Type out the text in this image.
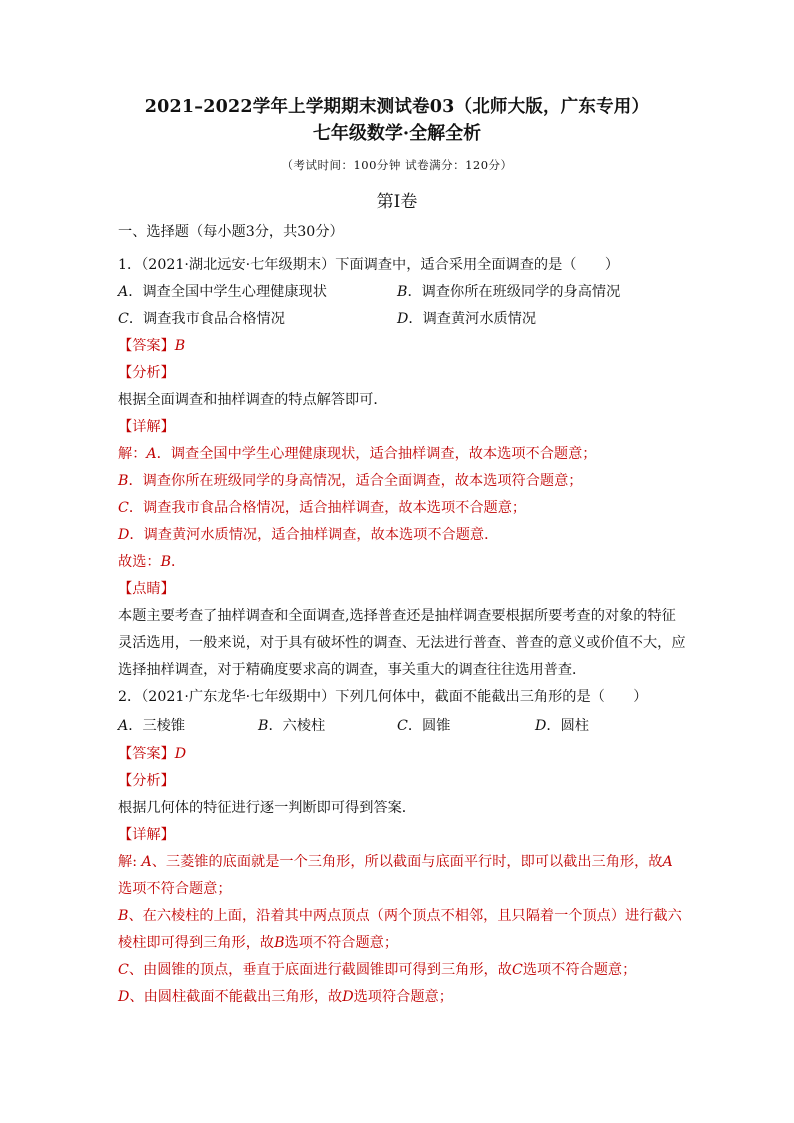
2021–2022学年上学期期末测试卷03（北师大版，广东专用）
七年级数学·全解全析
（考试时间：100分钟 试卷满分：120分）
第Ⅰ卷
一、选择题（每小题3分，共30分）
1．（2021·湖北远安·七年级期末）下面调查中，适合采用全面调查的是（　　）
A．调查全国中学生心理健康现状	B．调查你所在班级同学的身高情况
C．调查我市食品合格情况	D．调查黄河水质情况
【答案】B
【分析】
根据全面调查和抽样调查的特点解答即可．
【详解】
解：A．调查全国中学生心理健康现状，适合抽样调查，故本选项不合题意；
B．调查你所在班级同学的身高情况，适合全面调查，故本选项符合题意；
C．调查我市食品合格情况，适合抽样调查，故本选项不合题意；
D．调查黄河水质情况，适合抽样调查，故本选项不合题意．
故选：B．
【点睛】
本题主要考查了抽样调查和全面调查,选择普查还是抽样调查要根据所要考查的对象的特征
灵活选用，一般来说，对于具有破坏性的调查、无法进行普查、普查的意义或价值不大，应
选择抽样调查，对于精确度要求高的调查，事关重大的调查往往选用普查．
2．（2021·广东龙华·七年级期中）下列几何体中，截面不能截出三角形的是（　　）
A．三棱锥	B．六棱柱	C．圆锥	D．圆柱
【答案】D
【分析】
根据几何体的特征进行逐一判断即可得到答案．
【详解】
解: A、三菱锥的底面就是一个三角形，所以截面与底面平行时，即可以截出三角形，故A
选项不符合题意；
B、在六棱柱的上面，沿着其中两点顶点（两个顶点不相邻，且只隔着一个顶点）进行截六
棱柱即可得到三角形，故B选项不符合题意；
C、由圆锥的顶点，垂直于底面进行截圆锥即可得到三角形，故C选项不符合题意；
D、由圆柱截面不能截出三角形，故D选项符合题意；
